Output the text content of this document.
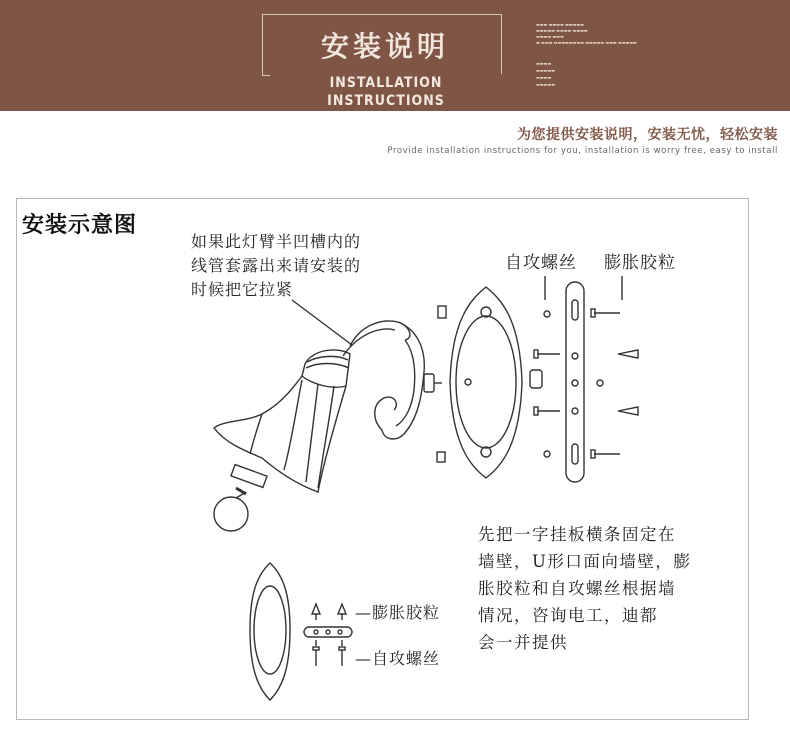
▬▬▬ ▬▬▬▬ ▬▬▬▬▬
▬▬▬▬▬ ▬▬▬▬ ▬▬▬▬
▬▬▬▬ ▬▬▬
▬ ▬▬▬ ▬▬▬▬▬▬▬▬ ▬▬▬▬▬ ▬▬▬ ▬▬▬▬▬
▬▬▬▬
▬▬▬▬▬
▬▬▬▬
▬▬▬▬▬
安装说明
INSTALLATION INSTRUCTIONS
为您提供安装说明，安装无忧，轻松安装
Provide installation instructions for you, installation is worry free, easy to install
安装示意图
如果此灯臂半凹槽内的
线管套露出来请安装的
时候把它拉紧
自攻螺丝 膨胀胶粒
先把一字挂板横条固定在
墙壁，U形口面向墙壁，膨
胀胶粒和自攻螺丝根据墙
情况，咨询电工，迪都
会一并提供
—膨胀胶粒
—自攻螺丝
